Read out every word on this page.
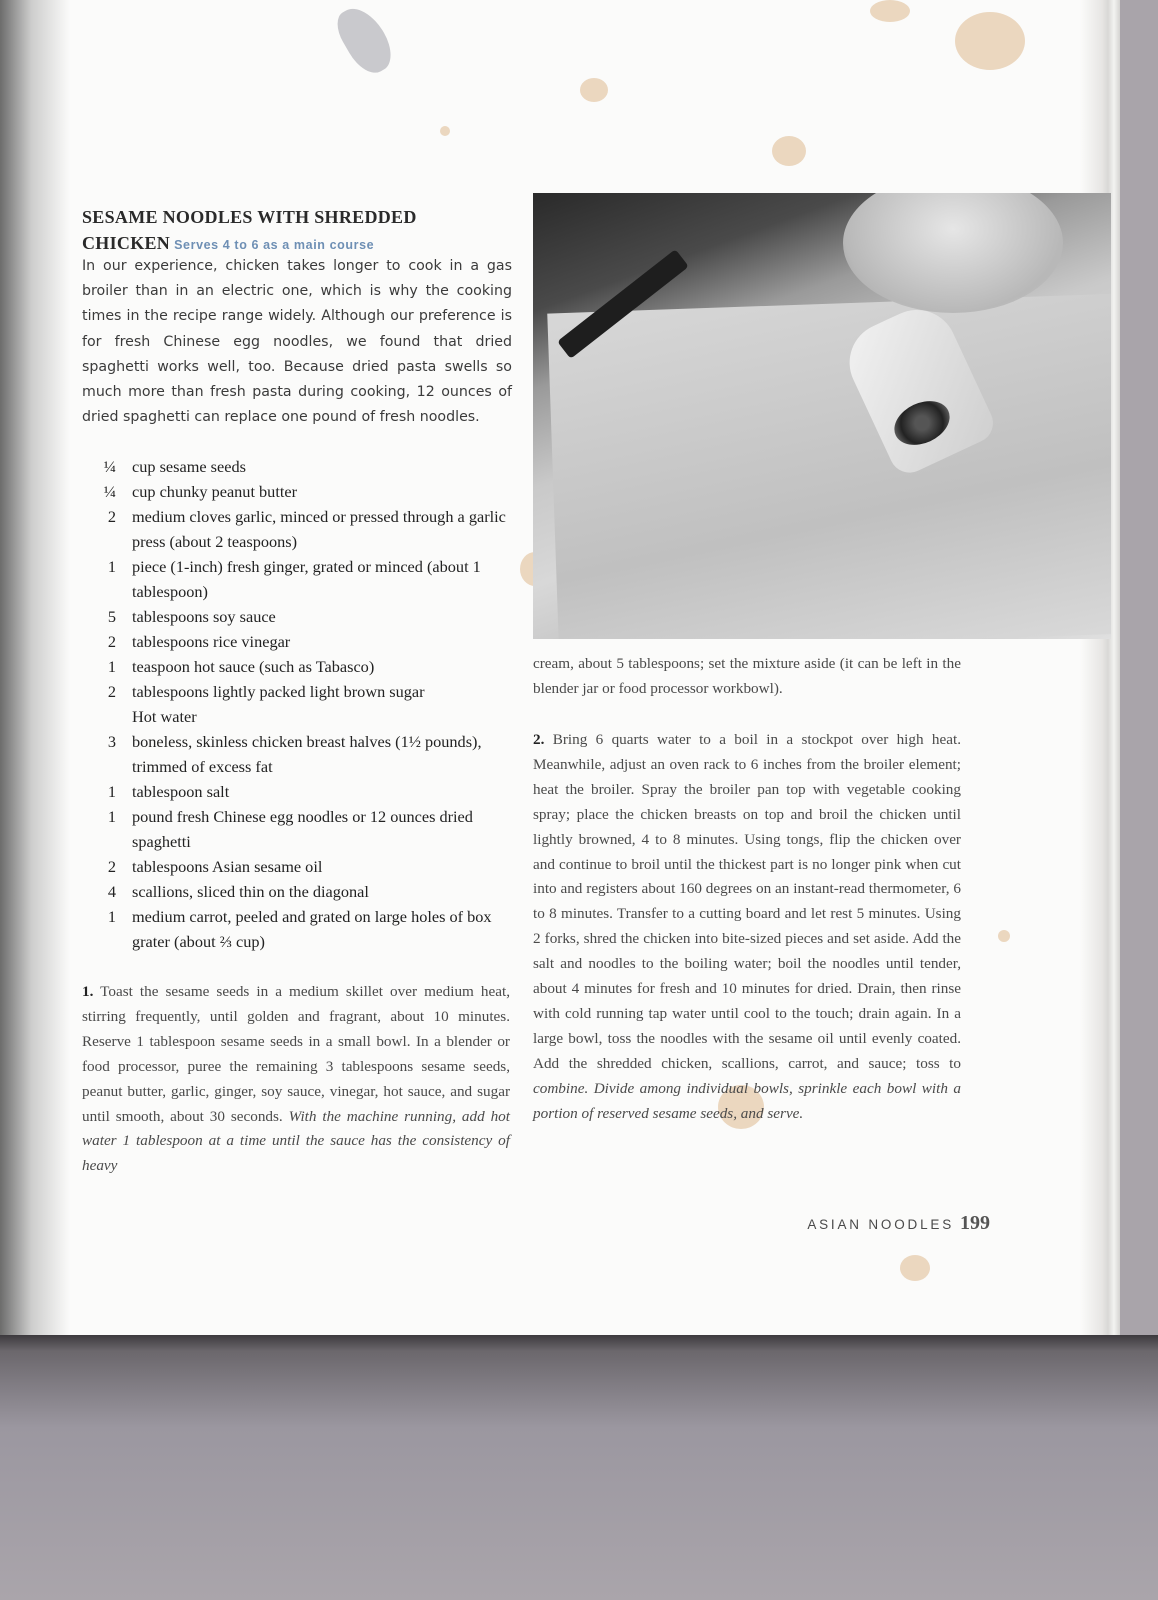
SESAME NOODLES WITH SHREDDED CHICKEN Serves 4 to 6 as a main course

In our experience, chicken takes longer to cook in a gas broiler than in an electric one, which is why the cooking times in the recipe range widely. Although our preference is for fresh Chinese egg noodles, we found that dried spaghetti works well, too. Because dried pasta swells so much more than fresh pasta during cooking, 12 ounces of dried spaghetti can replace one pound of fresh noodles.

¼ cup sesame seeds
¼ cup chunky peanut butter
2 medium cloves garlic, minced or pressed through a garlic press (about 2 teaspoons)
1 piece (1-inch) fresh ginger, grated or minced (about 1 tablespoon)
5 tablespoons soy sauce
2 tablespoons rice vinegar
1 teaspoon hot sauce (such as Tabasco)
2 tablespoons lightly packed light brown sugar
Hot water
3 boneless, skinless chicken breast halves (1½ pounds), trimmed of excess fat
1 tablespoon salt
1 pound fresh Chinese egg noodles or 12 ounces dried spaghetti
2 tablespoons Asian sesame oil
4 scallions, sliced thin on the diagonal
1 medium carrot, peeled and grated on large holes of box grater (about ⅔ cup)

1. Toast the sesame seeds in a medium skillet over medium heat, stirring frequently, until golden and fragrant, about 10 minutes. Reserve 1 tablespoon sesame seeds in a small bowl. In a blender or food processor, puree the remaining 3 tablespoons sesame seeds, peanut butter, garlic, ginger, soy sauce, vinegar, hot sauce, and sugar until smooth, about 30 seconds. With the machine running, add hot water 1 tablespoon at a time until the sauce has the consistency of heavy

cream, about 5 tablespoons; set the mixture aside (it can be left in the blender jar or food processor workbowl).

2. Bring 6 quarts water to a boil in a stockpot over high heat. Meanwhile, adjust an oven rack to 6 inches from the broiler element; heat the broiler. Spray the broiler pan top with vegetable cooking spray; place the chicken breasts on top and broil the chicken until lightly browned, 4 to 8 minutes. Using tongs, flip the chicken over and continue to broil until the thickest part is no longer pink when cut into and registers about 160 degrees on an instant-read thermometer, 6 to 8 minutes. Transfer to a cutting board and let rest 5 minutes. Using 2 forks, shred the chicken into bite-sized pieces and set aside. Add the salt and noodles to the boiling water; boil the noodles until tender, about 4 minutes for fresh and 10 minutes for dried. Drain, then rinse with cold running tap water until cool to the touch; drain again. In a large bowl, toss the noodles with the sesame oil until evenly coated. Add the shredded chicken, scallions, carrot, and sauce; toss to combine. Divide among individual bowls, sprinkle each bowl with a portion of reserved sesame seeds, and serve.

ASIAN NOODLES 199
